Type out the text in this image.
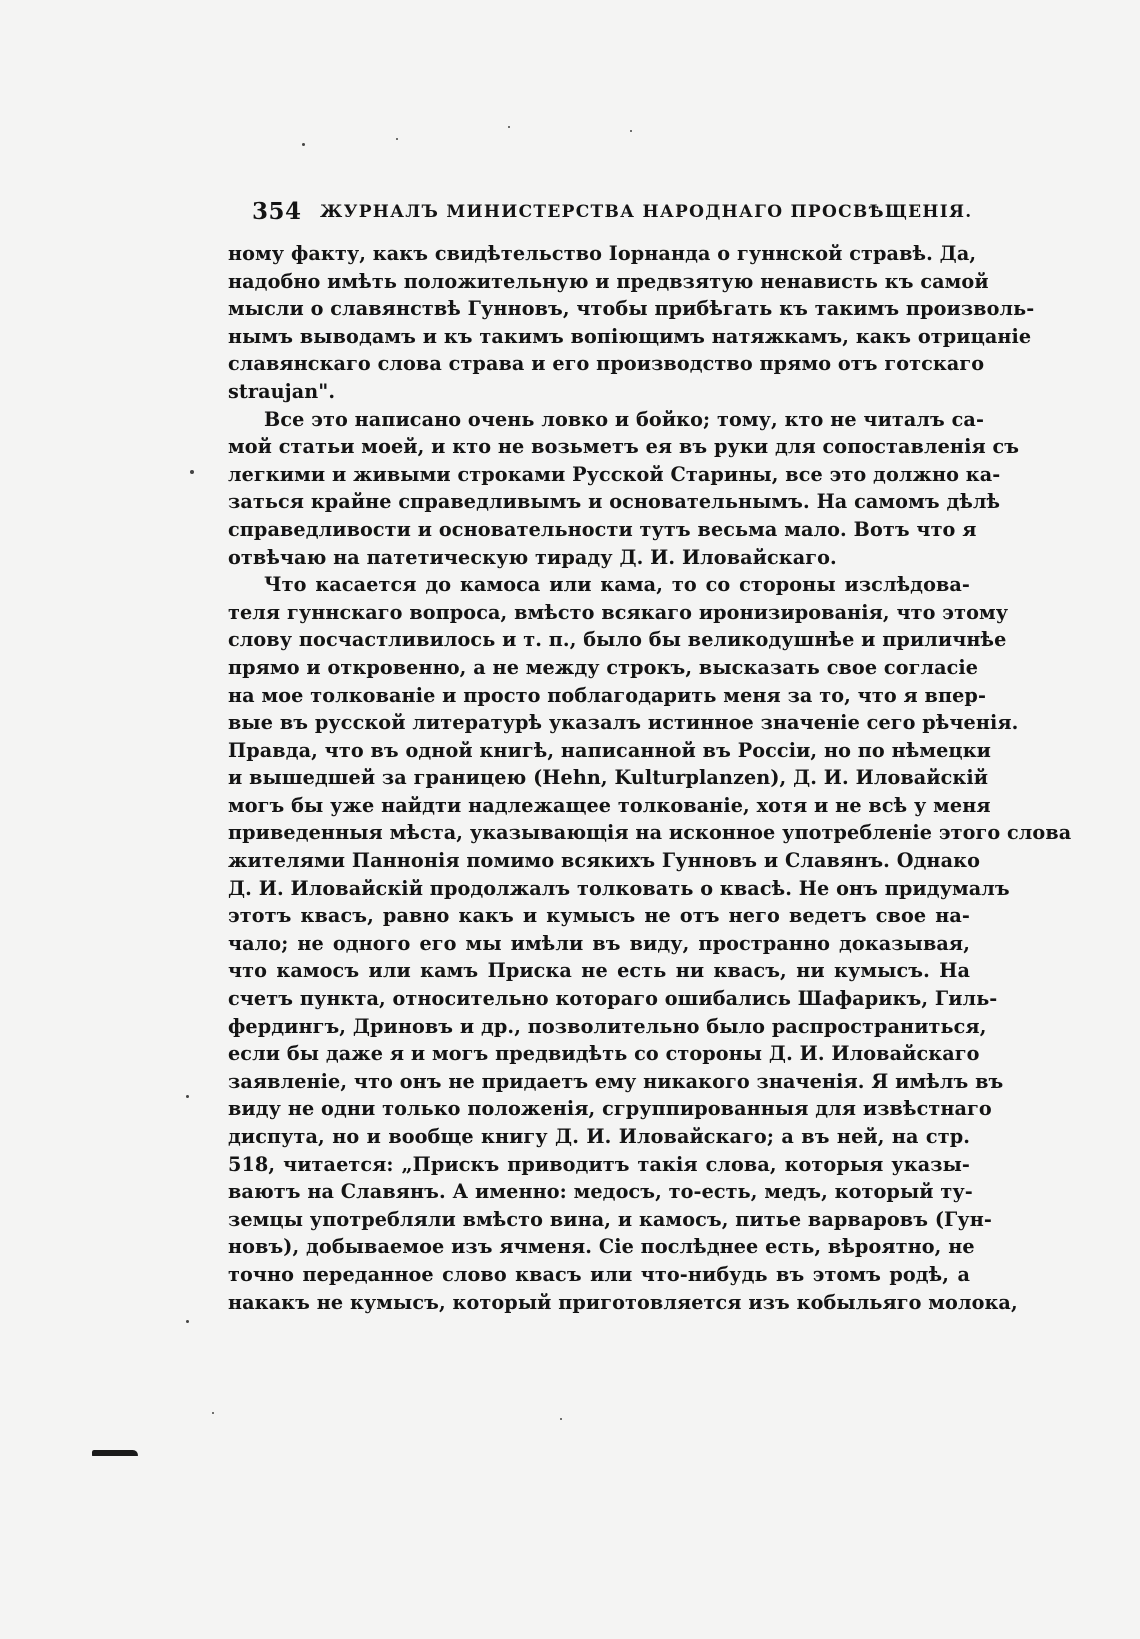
354 ЖУРНАЛЪ МИНИСТЕРСТВА НАРОДНАГО ПРОСВѢЩЕНІЯ.
ному факту, какъ свидѣтельство Іорнанда о гуннской стравѣ. Да,
надобно имѣть положительную и предвзятую ненависть къ самой
мысли о славянствѣ Гунновъ, чтобы прибѣгать къ такимъ произволь-
нымъ выводамъ и къ такимъ вопіющимъ натяжкамъ, какъ отрицаніе
славянскаго слова страва и его производство прямо отъ готскаго
straujan".
Все это написано очень ловко и бойко; тому, кто не читалъ са-
мой статьи моей, и кто не возьметъ ея въ руки для сопоставленія съ
легкими и живыми строками Русской Старины, все это должно ка-
заться крайне справедливымъ и основательнымъ. На самомъ дѣлѣ
справедливости и основательности тутъ весьма мало. Вотъ что я
отвѣчаю на патетическую тираду Д. И. Иловайскаго.
Что касается до камоса или кама, то со стороны изслѣдова-
теля гуннскаго вопроса, вмѣсто всякаго иронизированія, что этому
слову посчастливилось и т. п., было бы великодушнѣе и приличнѣе
прямо и откровенно, а не между строкъ, высказать свое согласіе
на мое толкованіе и просто поблагодарить меня за то, что я впер-
вые въ русской литературѣ указалъ истинное значеніе сего рѣченія.
Правда, что въ одной книгѣ, написанной въ Россіи, но по нѣмецки
и вышедшей за границею (Hehn, Kulturplanzen), Д. И. Иловайскій
могъ бы уже найдти надлежащее толкованіе, хотя и не всѣ у меня
приведенныя мѣста, указывающія на исконное употребленіе этого слова
жителями Паннонія помимо всякихъ Гунновъ и Славянъ. Однако
Д. И. Иловайскій продолжалъ толковать о квасѣ. Не онъ придумалъ
этотъ квасъ, равно какъ и кумысъ не отъ него ведетъ свое на-
чало; не одного его мы имѣли въ виду, пространно доказывая,
что камосъ или камъ Приска не есть ни квасъ, ни кумысъ. На
счетъ пункта, относительно котораго ошибались Шафарикъ, Гиль-
фердингъ, Дриновъ и др., позволительно было распространиться,
если бы даже я и могъ предвидѣть со стороны Д. И. Иловайскаго
заявленіе, что онъ не придаетъ ему никакого значенія. Я имѣлъ въ
виду не одни только положенія, сгруппированныя для извѣстнаго
диспута, но и вообще книгу Д. И. Иловайскаго; а въ ней, на стр.
518, читается: „Прискъ приводитъ такія слова, которыя указы-
ваютъ на Славянъ. А именно: медосъ, то-есть, медъ, который ту-
земцы употребляли вмѣсто вина, и камосъ, питье варваровъ (Гун-
новъ), добываемое изъ ячменя. Сіе послѣднее есть, вѣроятно, не
точно переданное слово квасъ или что-нибудь въ этомъ родѣ, а
накакъ не кумысъ, который приготовляется изъ кобыльяго молока,
